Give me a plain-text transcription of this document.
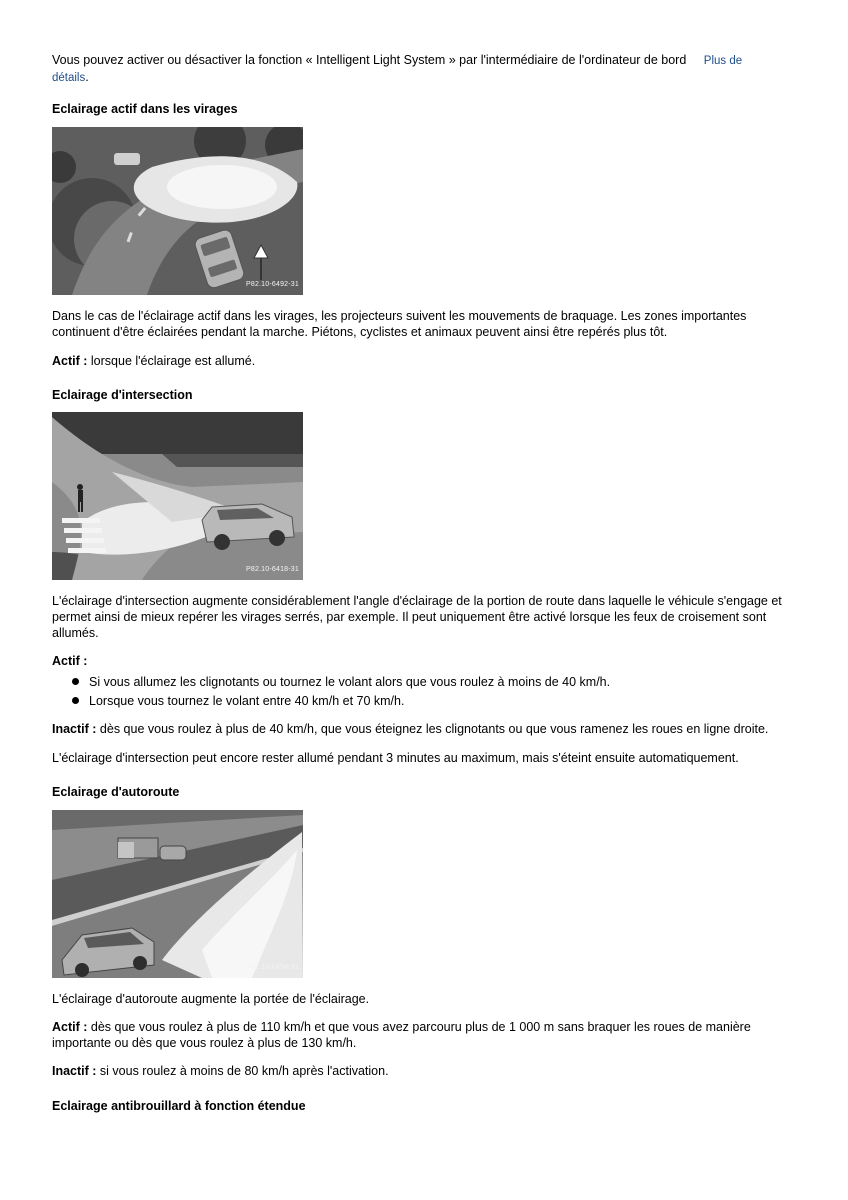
Vous pouvez activer ou désactiver la fonction « Intelligent Light System » par l'intermédiaire de l'ordinateur de bord Plus de
détails.
Eclairage actif dans les virages
P82.10-6492-31

Dans le cas de l'éclairage actif dans les virages, les projecteurs suivent les mouvements de braquage. Les zones importantes continuent d'être éclairées pendant la marche. Piétons, cyclistes et animaux peuvent ainsi être repérés plus tôt.

Actif : lorsque l'éclairage est allumé.

Eclairage d'intersection
P82.10-6418-31

L'éclairage d'intersection augmente considérablement l'angle d'éclairage de la portion de route dans laquelle le véhicule s'engage et permet ainsi de mieux repérer les virages serrés, par exemple. Il peut uniquement être activé lorsque les feux de croisement sont allumés.

Actif :

Si vous allumez les clignotants ou tournez le volant alors que vous roulez à moins de 40 km/h.
Lorsque vous tournez le volant entre 40 km/h et 70 km/h.

Inactif : dès que vous roulez à plus de 40 km/h, que vous éteignez les clignotants ou que vous ramenez les roues en ligne droite.

L'éclairage d'intersection peut encore rester allumé pendant 3 minutes au maximum, mais s'éteint ensuite automatiquement.

Eclairage d'autoroute
P82.10-6494-31

L'éclairage d'autoroute augmente la portée de l'éclairage.

Actif : dès que vous roulez à plus de 110 km/h et que vous avez parcouru plus de 1 000 m sans braquer les roues de manière importante ou dès que vous roulez à plus de 130 km/h.

Inactif : si vous roulez à moins de 80 km/h après l'activation.

Eclairage antibrouillard à fonction étendue
